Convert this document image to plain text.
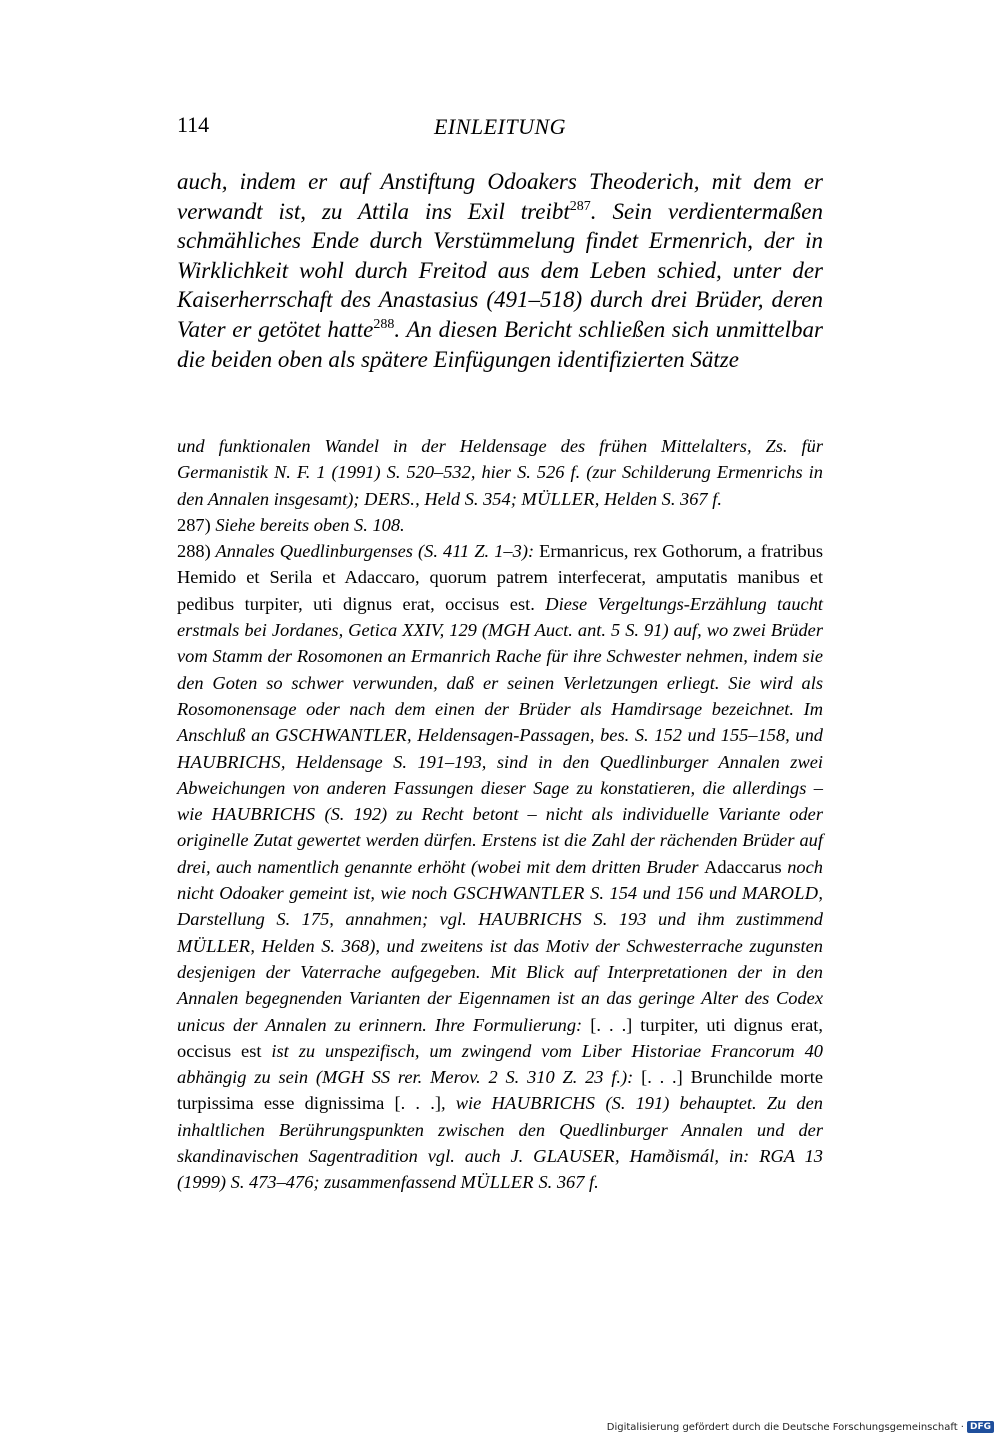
114	EINLEITUNG
auch, indem er auf Anstiftung Odoakers Theoderich, mit dem er verwandt ist, zu Attila ins Exil treibt$^{287}$. Sein verdientermaßen schmähliches Ende durch Verstümmelung findet Ermenrich, der in Wirklichkeit wohl durch Freitod aus dem Leben schied, unter der Kaiserherrschaft des Anastasius (491–518) durch drei Brüder, deren Vater er getötet hatte$^{288}$. An diesen Bericht schließen sich unmittelbar die beiden oben als spätere Einfügungen identifizierten Sätze

und funktionalen Wandel in der Heldensage des frühen Mittelalters, Zs. für Germanistik N. F. 1 (1991) S. 520–532, hier S. 526 f. (zur Schilderung Ermenrichs in den Annalen insgesamt); DERS., Held S. 354; MÜLLER, Helden S. 367 f.

287) Siehe bereits oben S. 108.

288) Annales Quedlinburgenses (S. 411 Z. 1–3): Ermanricus, rex Gothorum, a fratribus Hemido et Serila et Adaccaro, quorum patrem interfecerat, amputatis manibus et pedibus turpiter, uti dignus erat, occisus est. Diese Vergeltungs-Erzählung taucht erstmals bei Jordanes, Getica XXIV, 129 (MGH Auct. ant. 5 S. 91) auf, wo zwei Brüder vom Stamm der Rosomonen an Ermanrich Rache für ihre Schwester nehmen, indem sie den Goten so schwer verwunden, daß er seinen Verletzungen erliegt. Sie wird als Rosomonensage oder nach dem einen der Brüder als Hamdirsage bezeichnet. Im Anschluß an GSCHWANTLER, Heldensagen-Passagen, bes. S. 152 und 155–158, und HAUBRICHS, Heldensage S. 191–193, sind in den Quedlinburger Annalen zwei Abweichungen von anderen Fassungen dieser Sage zu konstatieren, die allerdings – wie HAUBRICHS (S. 192) zu Recht betont – nicht als individuelle Variante oder originelle Zutat gewertet werden dürfen. Erstens ist die Zahl der rächenden Brüder auf drei, auch namentlich genannte erhöht (wobei mit dem dritten Bruder Adaccarus noch nicht Odoaker gemeint ist, wie noch GSCHWANTLER S. 154 und 156 und MAROLD, Darstellung S. 175, annahmen; vgl. HAUBRICHS S. 193 und ihm zustimmend MÜLLER, Helden S. 368), und zweitens ist das Motiv der Schwesterrache zugunsten desjenigen der Vaterrache aufgegeben. Mit Blick auf Interpretationen der in den Annalen begegnenden Varianten der Eigennamen ist an das geringe Alter des Codex unicus der Annalen zu erinnern. Ihre Formulierung: [. . .] turpiter, uti dignus erat, occisus est ist zu unspezifisch, um zwingend vom Liber Historiae Francorum 40 abhängig zu sein (MGH SS rer. Merov. 2 S. 310 Z. 23 f.): [. . .] Brunchilde morte turpissima esse dignissima [. . .], wie HAUBRICHS (S. 191) behauptet. Zu den inhaltlichen Berührungspunkten zwischen den Quedlinburger Annalen und der skandinavischen Sagentradition vgl. auch J. GLAUSER, Hamðismál, in: RGA 13 (1999) S. 473–476; zusammenfassend MÜLLER S. 367 f.

Digitalisierung gefördert durch die Deutsche Forschungsgemeinschaft · DFG
